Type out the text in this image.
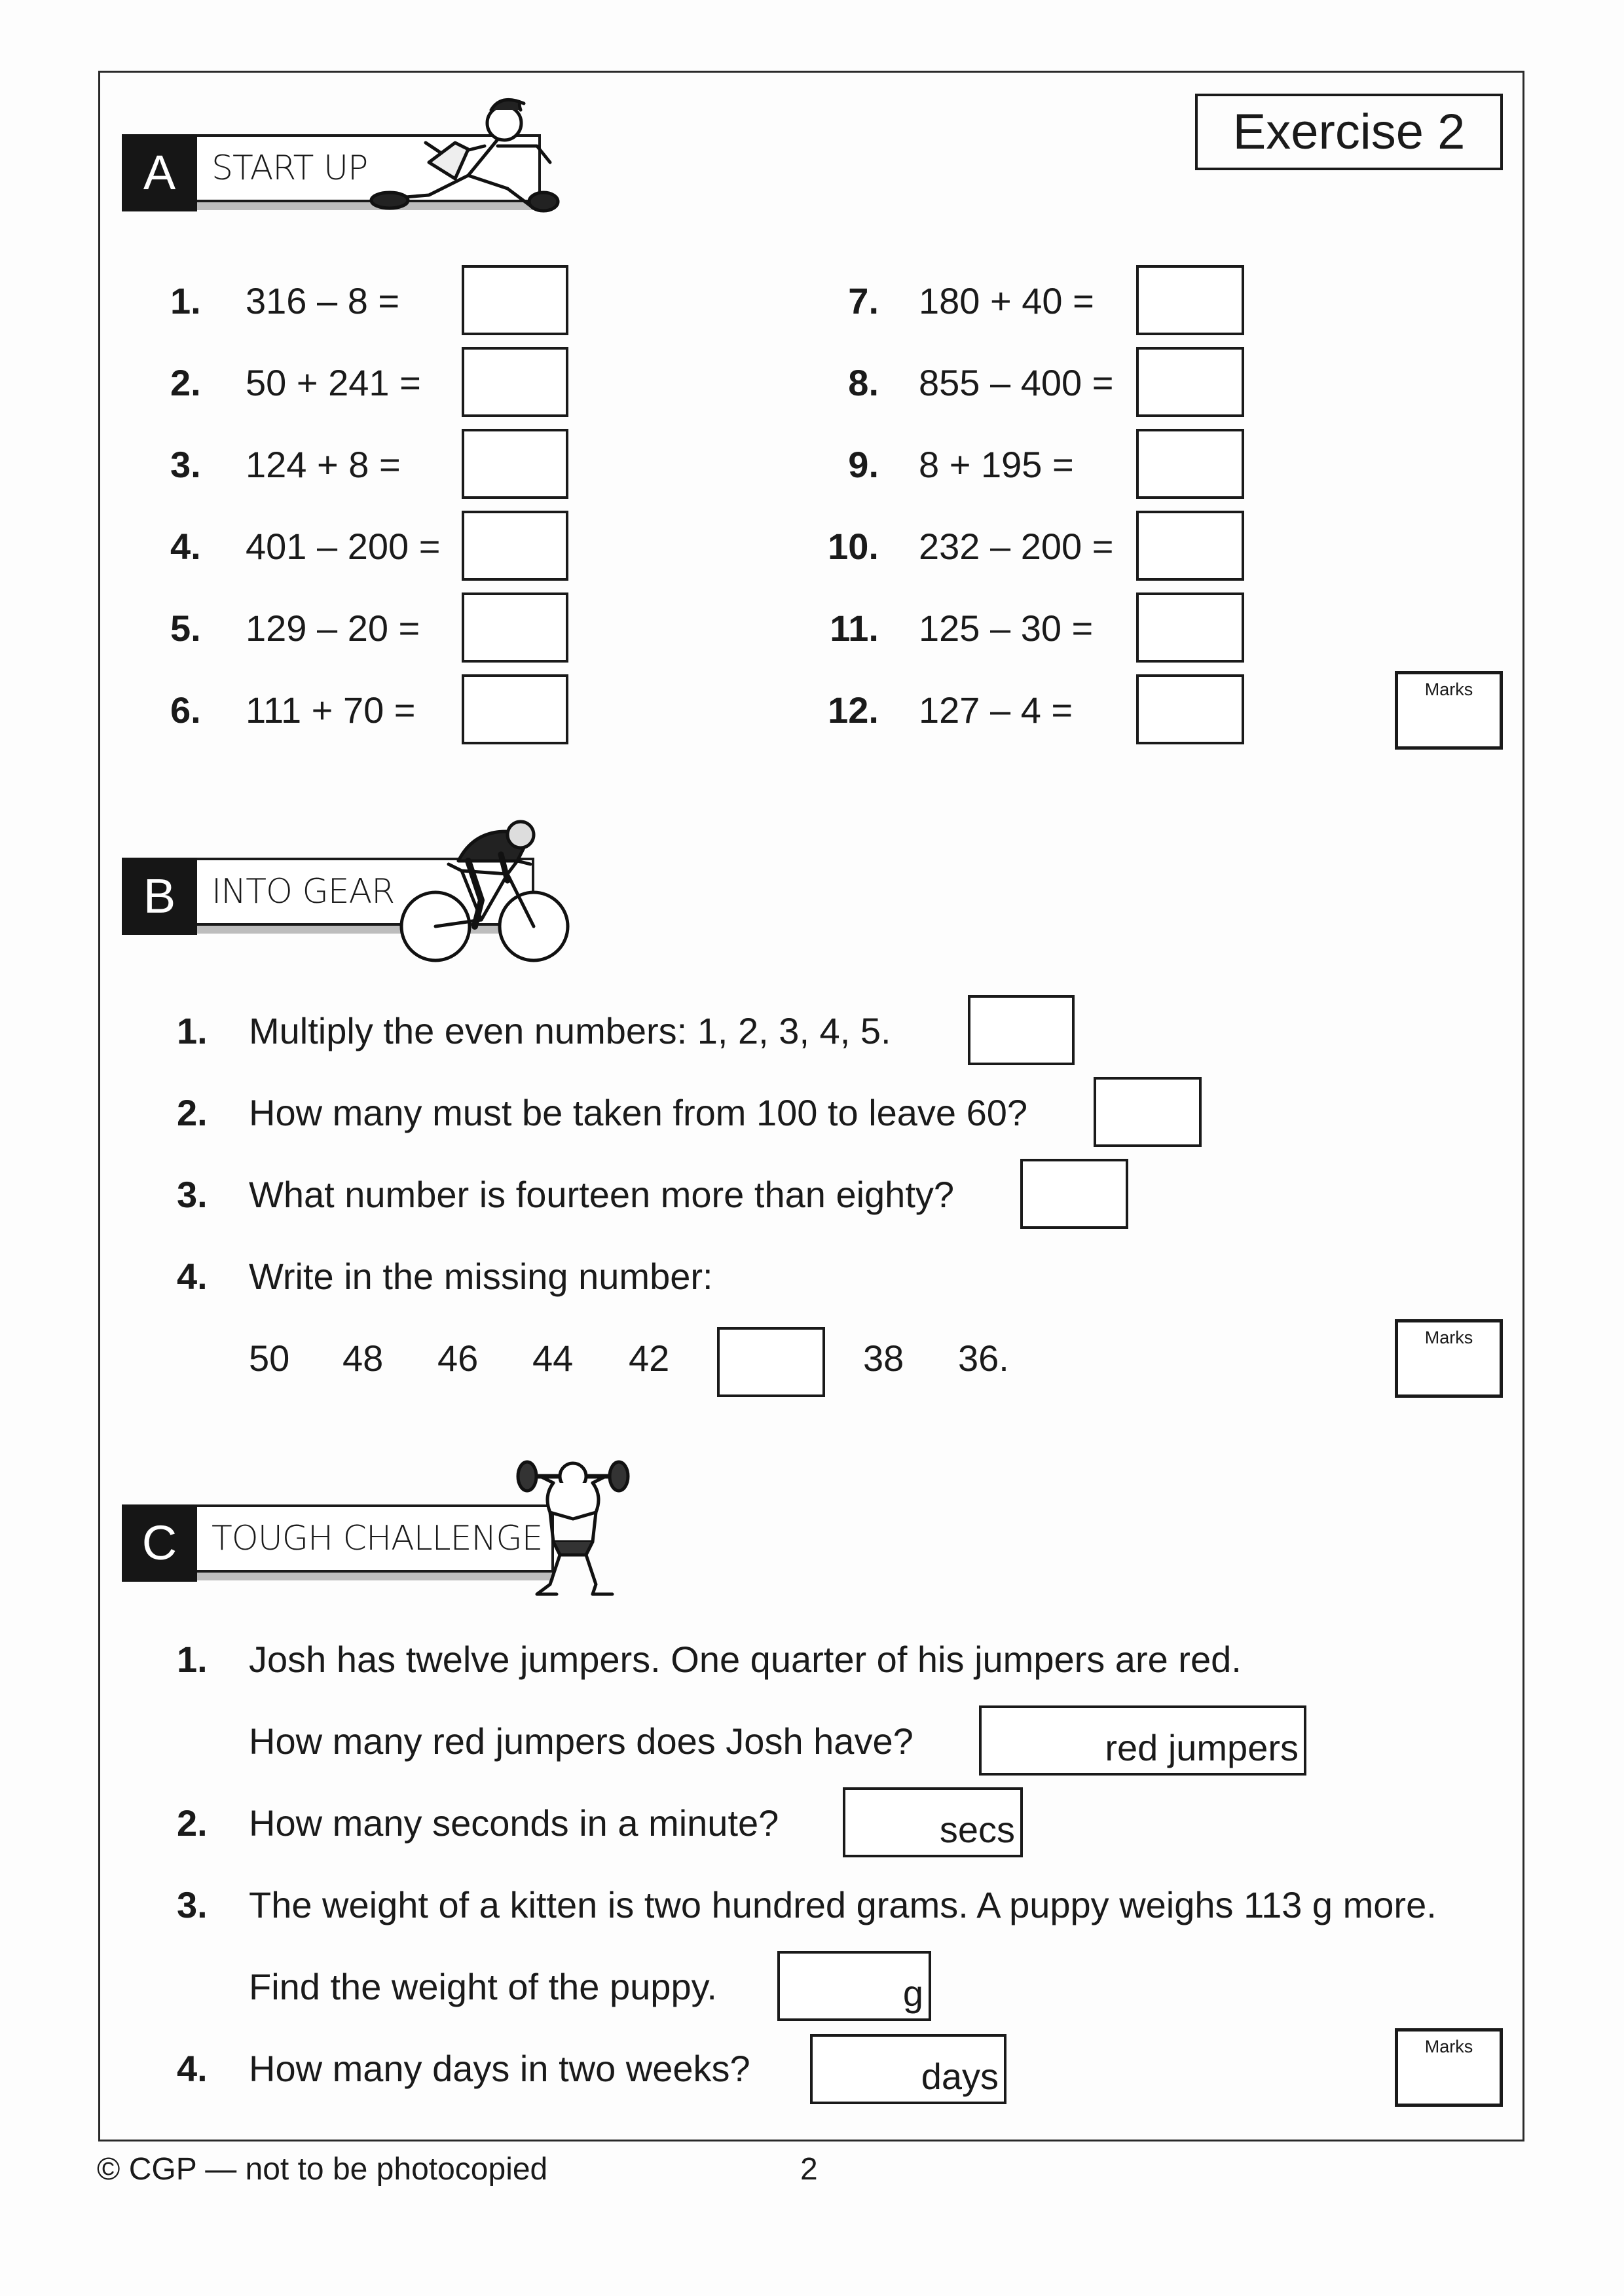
Exercise 2
A	START UP
1. 316 – 8 =
2. 50 + 241 =
3. 124 + 8 =
4. 401 – 200 =
5. 129 – 20 =
6. 111 + 70 =
7. 180 + 40 =
8. 855 – 400 =
9. 8 + 195 =
10. 232 – 200 =
11. 125 – 30 =
12. 127 – 4 =	Marks
B	INTO GEAR
1. Multiply the even numbers: 1, 2, 3, 4, 5.
2. How many must be taken from 100 to leave 60?
3. What number is fourteen more than eighty?
4. Write in the missing number:
50 48 46 44 42	38 36.	Marks
C	TOUGH CHALLENGE
1. Josh has twelve jumpers. One quarter of his jumpers are red.
How many red jumpers does Josh have?	red jumpers
2. How many seconds in a minute?	secs
3. The weight of a kitten is two hundred grams. A puppy weighs 113 g more.
Find the weight of the puppy.	g
4. How many days in two weeks?	days
Marks
© CGP — not to be photocopied	2
